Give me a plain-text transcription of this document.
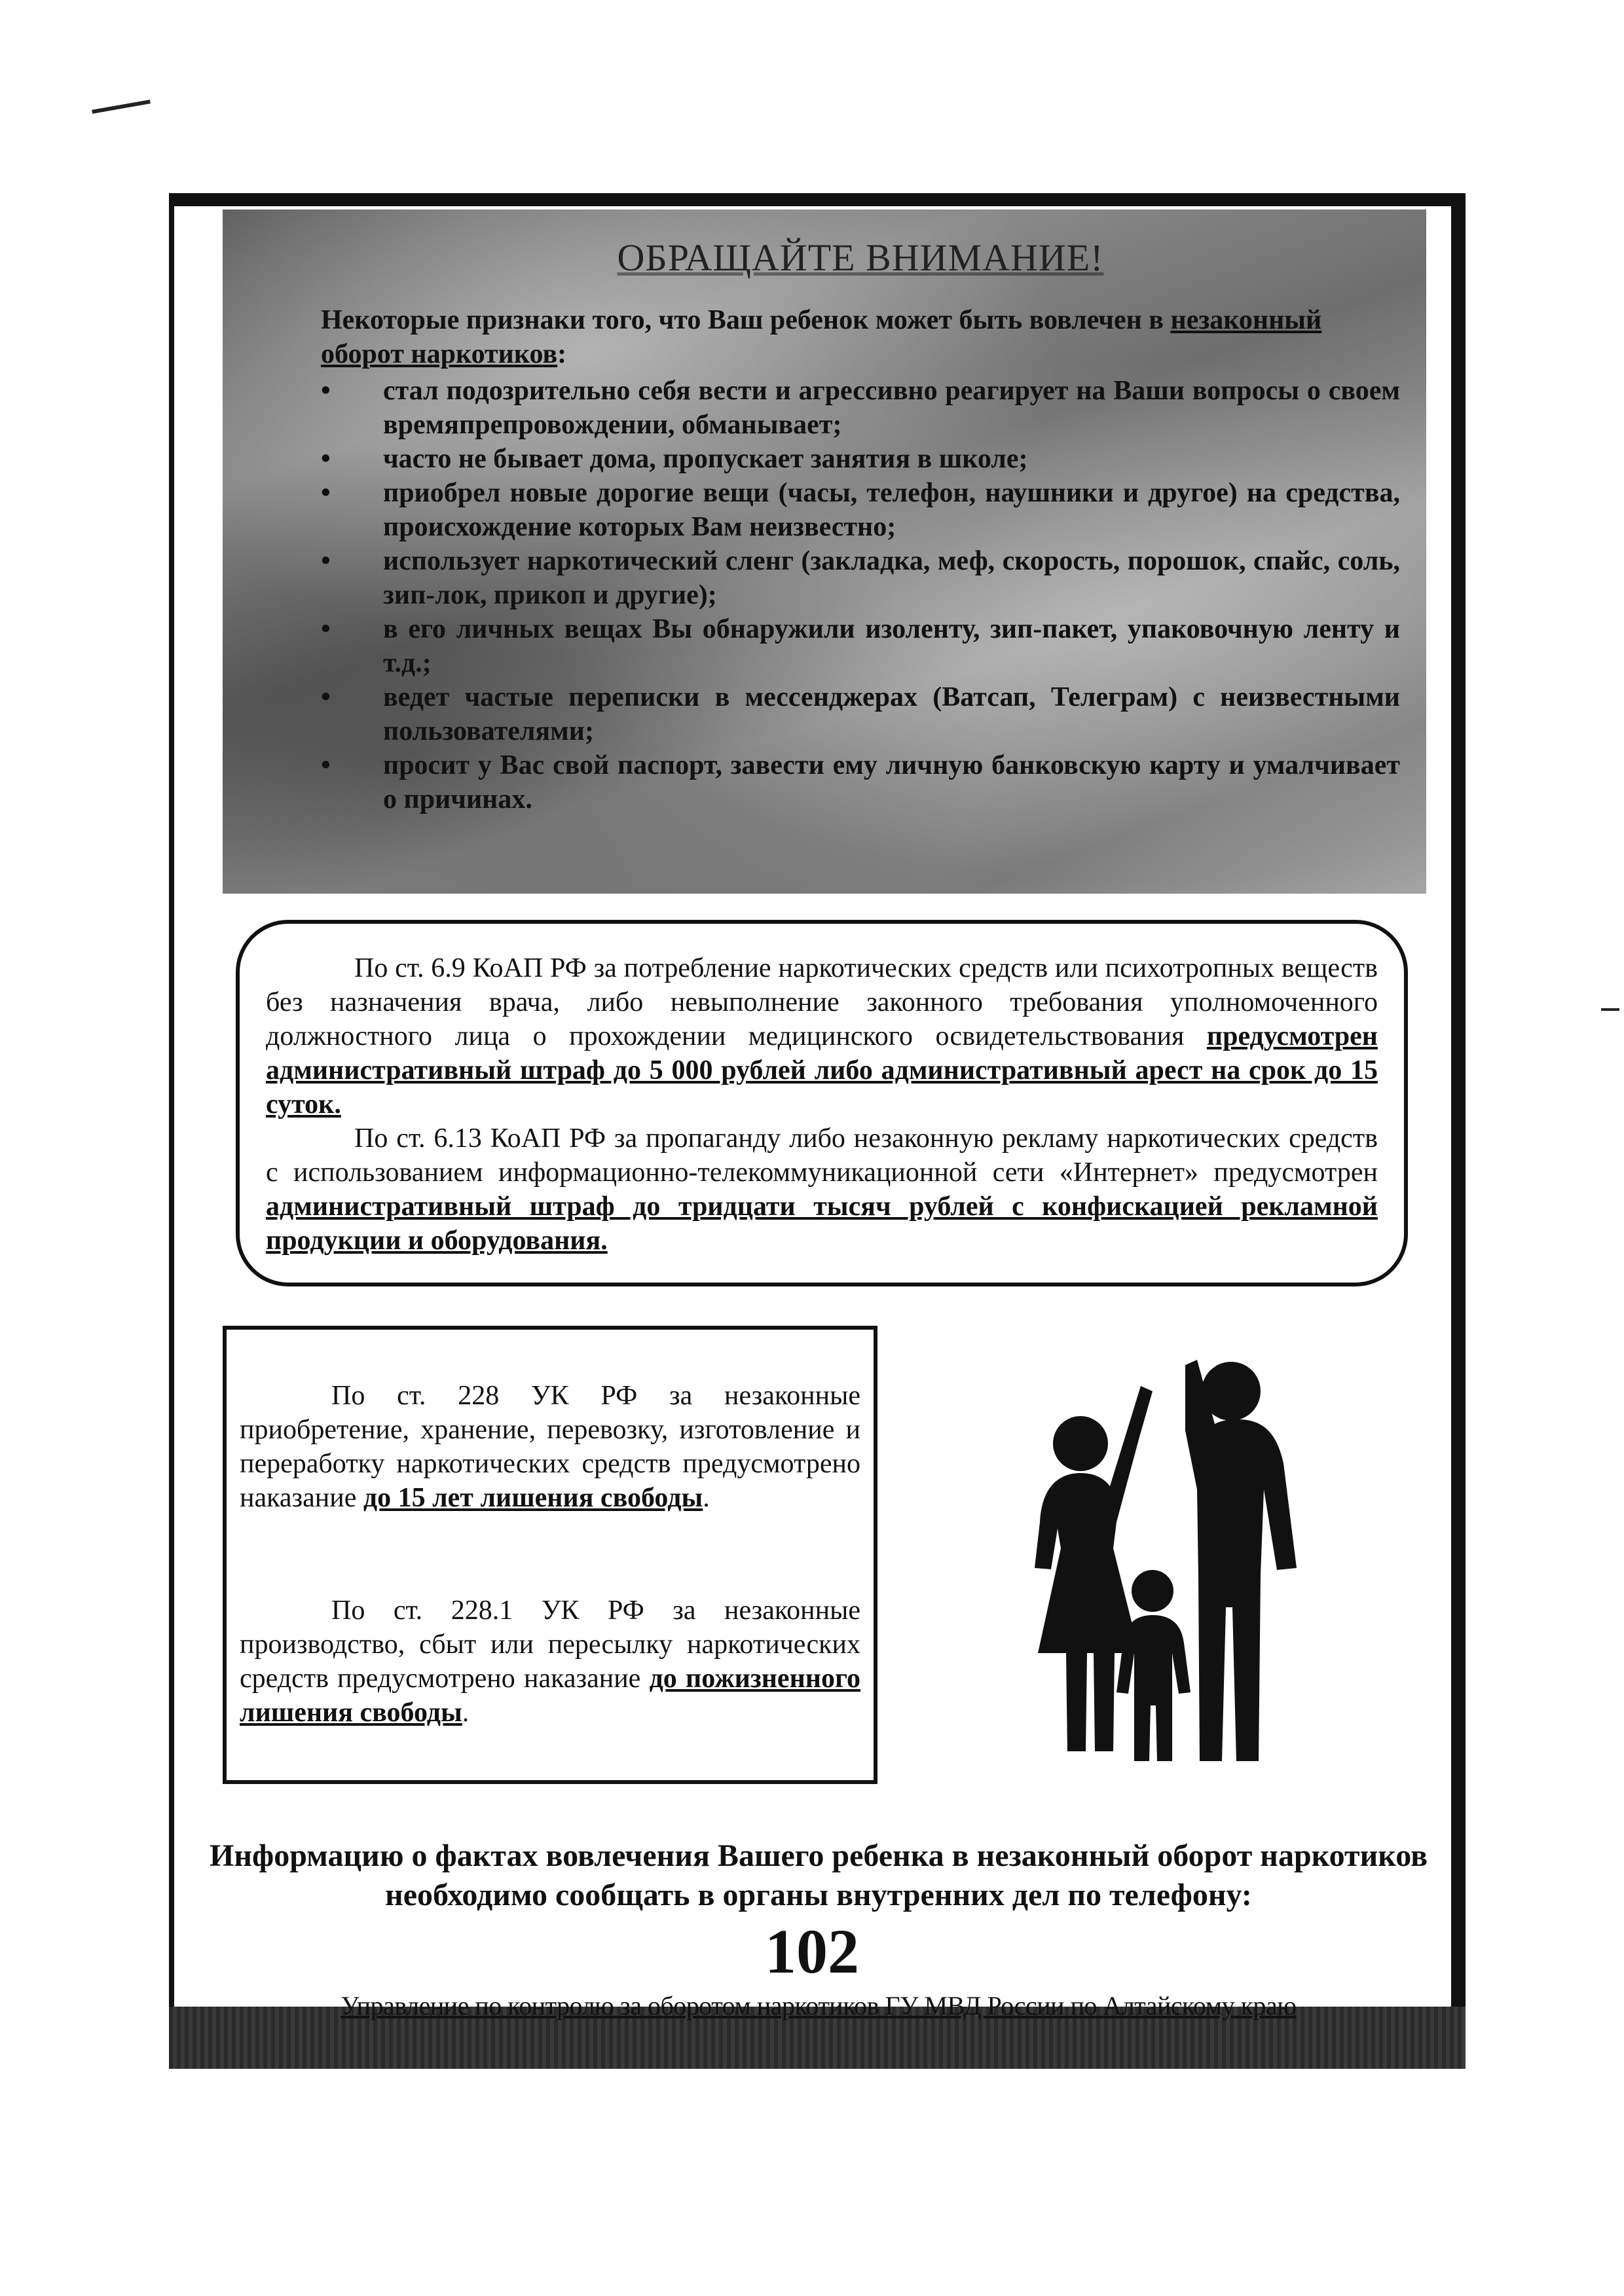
ОБРАЩАЙТЕ ВНИМАНИЕ!
Некоторые признаки того, что Ваш ребенок может быть вовлечен в незаконный оборот наркотиков:
• стал подозрительно себя вести и агрессивно реагирует на Ваши вопросы о своем времяпрепровождении, обманывает;
• часто не бывает дома, пропускает занятия в школе;
• приобрел новые дорогие вещи (часы, телефон, наушники и другое) на средства, происхождение которых Вам неизвестно;
• использует наркотический сленг (закладка, меф, скорость, порошок, спайс, соль, зип-лок, прикоп и другие);
• в его личных вещах Вы обнаружили изоленту, зип-пакет, упаковочную ленту и т.д.;
• ведет частые переписки в мессенджерах (Ватсап, Телеграм) с неизвестными пользователями;
• просит у Вас свой паспорт, завести ему личную банковскую карту и умалчивает о причинах.

По ст. 6.9 КоАП РФ за потребление наркотических средств или психотропных веществ без назначения врача, либо невыполнение законного требования уполномоченного должностного лица о прохождении медицинского освидетельствования предусмотрен административный штраф до 5 000 рублей либо административный арест на срок до 15 суток.

По ст. 6.13 КоАП РФ за пропаганду либо незаконную рекламу наркотических средств с использованием информационно-телекоммуникационной сети «Интернет» предусмотрен административный штраф до тридцати тысяч рублей с конфискацией рекламной продукции и оборудования.

По ст. 228 УК РФ за незаконные приобретение, хранение, перевозку, изготовление и переработку наркотических средств предусмотрено наказание до 15 лет лишения свободы.

По ст. 228.1 УК РФ за незаконные производство, сбыт или пересылку наркотических средств предусмотрено наказание до пожизненного лишения свободы.

Информацию о фактах вовлечения Вашего ребенка в незаконный оборот наркотиков необходимо сообщать в органы внутренних дел по телефону:
102
Управление по контролю за оборотом наркотиков ГУ МВД России по Алтайскому краю
